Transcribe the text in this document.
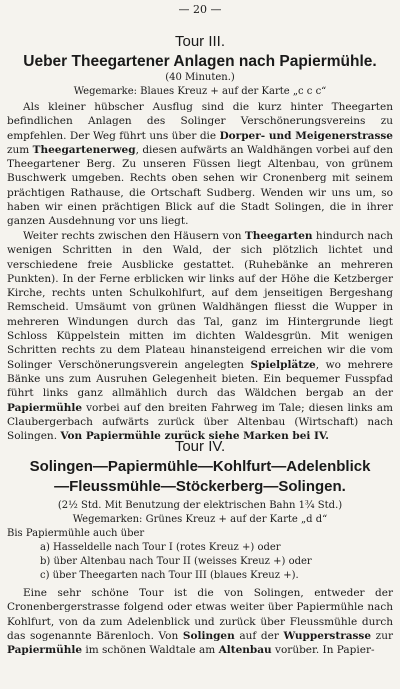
— 20 —
Tour III.
Ueber Theegartener Anlagen nach Papiermühle.
(40 Minuten.)
Wegemarke: Blaues Kreuz + auf der Karte „c c c“

Als kleiner hübscher Ausflug sind die kurz hinter Theegarten befindlichen Anlagen des Solinger Verschönerungsvereins zu empfehlen. Der Weg führt uns über die Dorper- und Meigenerstrasse zum Theegartenerweg, diesen aufwärts an Waldhängen vorbei auf den Theegartener Berg. Zu unseren Füssen liegt Altenbau, von grünem Buschwerk umgeben. Rechts oben sehen wir Cronenberg mit seinem prächtigen Rathause, die Ortschaft Sudberg. Wenden wir uns um, so haben wir einen prächtigen Blick auf die Stadt Solingen, die in ihrer ganzen Ausdehnung vor uns liegt.

Weiter rechts zwischen den Häusern von Theegarten hindurch nach wenigen Schritten in den Wald, der sich plötzlich lichtet und verschiedene freie Ausblicke gestattet. (Ruhebänke an mehreren Punkten). In der Ferne erblicken wir links auf der Höhe die Ketzberger Kirche, rechts unten Schulkohlfurt, auf dem jenseitigen Bergeshang Remscheid. Umsäumt von grünen Waldhängen fliesst die Wupper in mehreren Windungen durch das Tal, ganz im Hintergrunde liegt Schloss Küppelstein mitten im dichten Waldesgrün. Mit wenigen Schritten rechts zu dem Plateau hinansteigend erreichen wir die vom Solinger Verschönerungsverein angelegten Spielplätze, wo mehrere Bänke uns zum Ausruhen Gelegenheit bieten. Ein bequemer Fusspfad führt links ganz allmählich durch das Wäldchen bergab an der Papiermühle vorbei auf den breiten Fahrweg im Tale; diesen links am Claubergerbach aufwärts zurück über Altenbau (Wirtschaft) nach Solingen. Von Papiermühle zurück siehe Marken bei IV.

Tour IV.
Solingen—Papiermühle—Kohlfurt—Adelenblick
—Fleussmühle—Stöckerberg—Solingen.
(2½ Std. Mit Benutzung der elektrischen Bahn 1¾ Std.)
Wegemarken: Grünes Kreuz + auf der Karte „d d“
Bis Papiermühle auch über
a) Hasseldelle nach Tour I (rotes Kreuz +) oder
b) über Altenbau nach Tour II (weisses Kreuz +) oder
c) über Theegarten nach Tour III (blaues Kreuz +).

Eine sehr schöne Tour ist die von Solingen, entweder der Cronenbergerstrasse folgend oder etwas weiter über Papiermühle nach Kohlfurt, von da zum Adelenblick und zurück über Fleussmühle durch das sogenannte Bärenloch. Von Solingen auf der Wupperstrasse zur Papiermühle im schönen Waldtale am Altenbau vorüber. In Papier-
